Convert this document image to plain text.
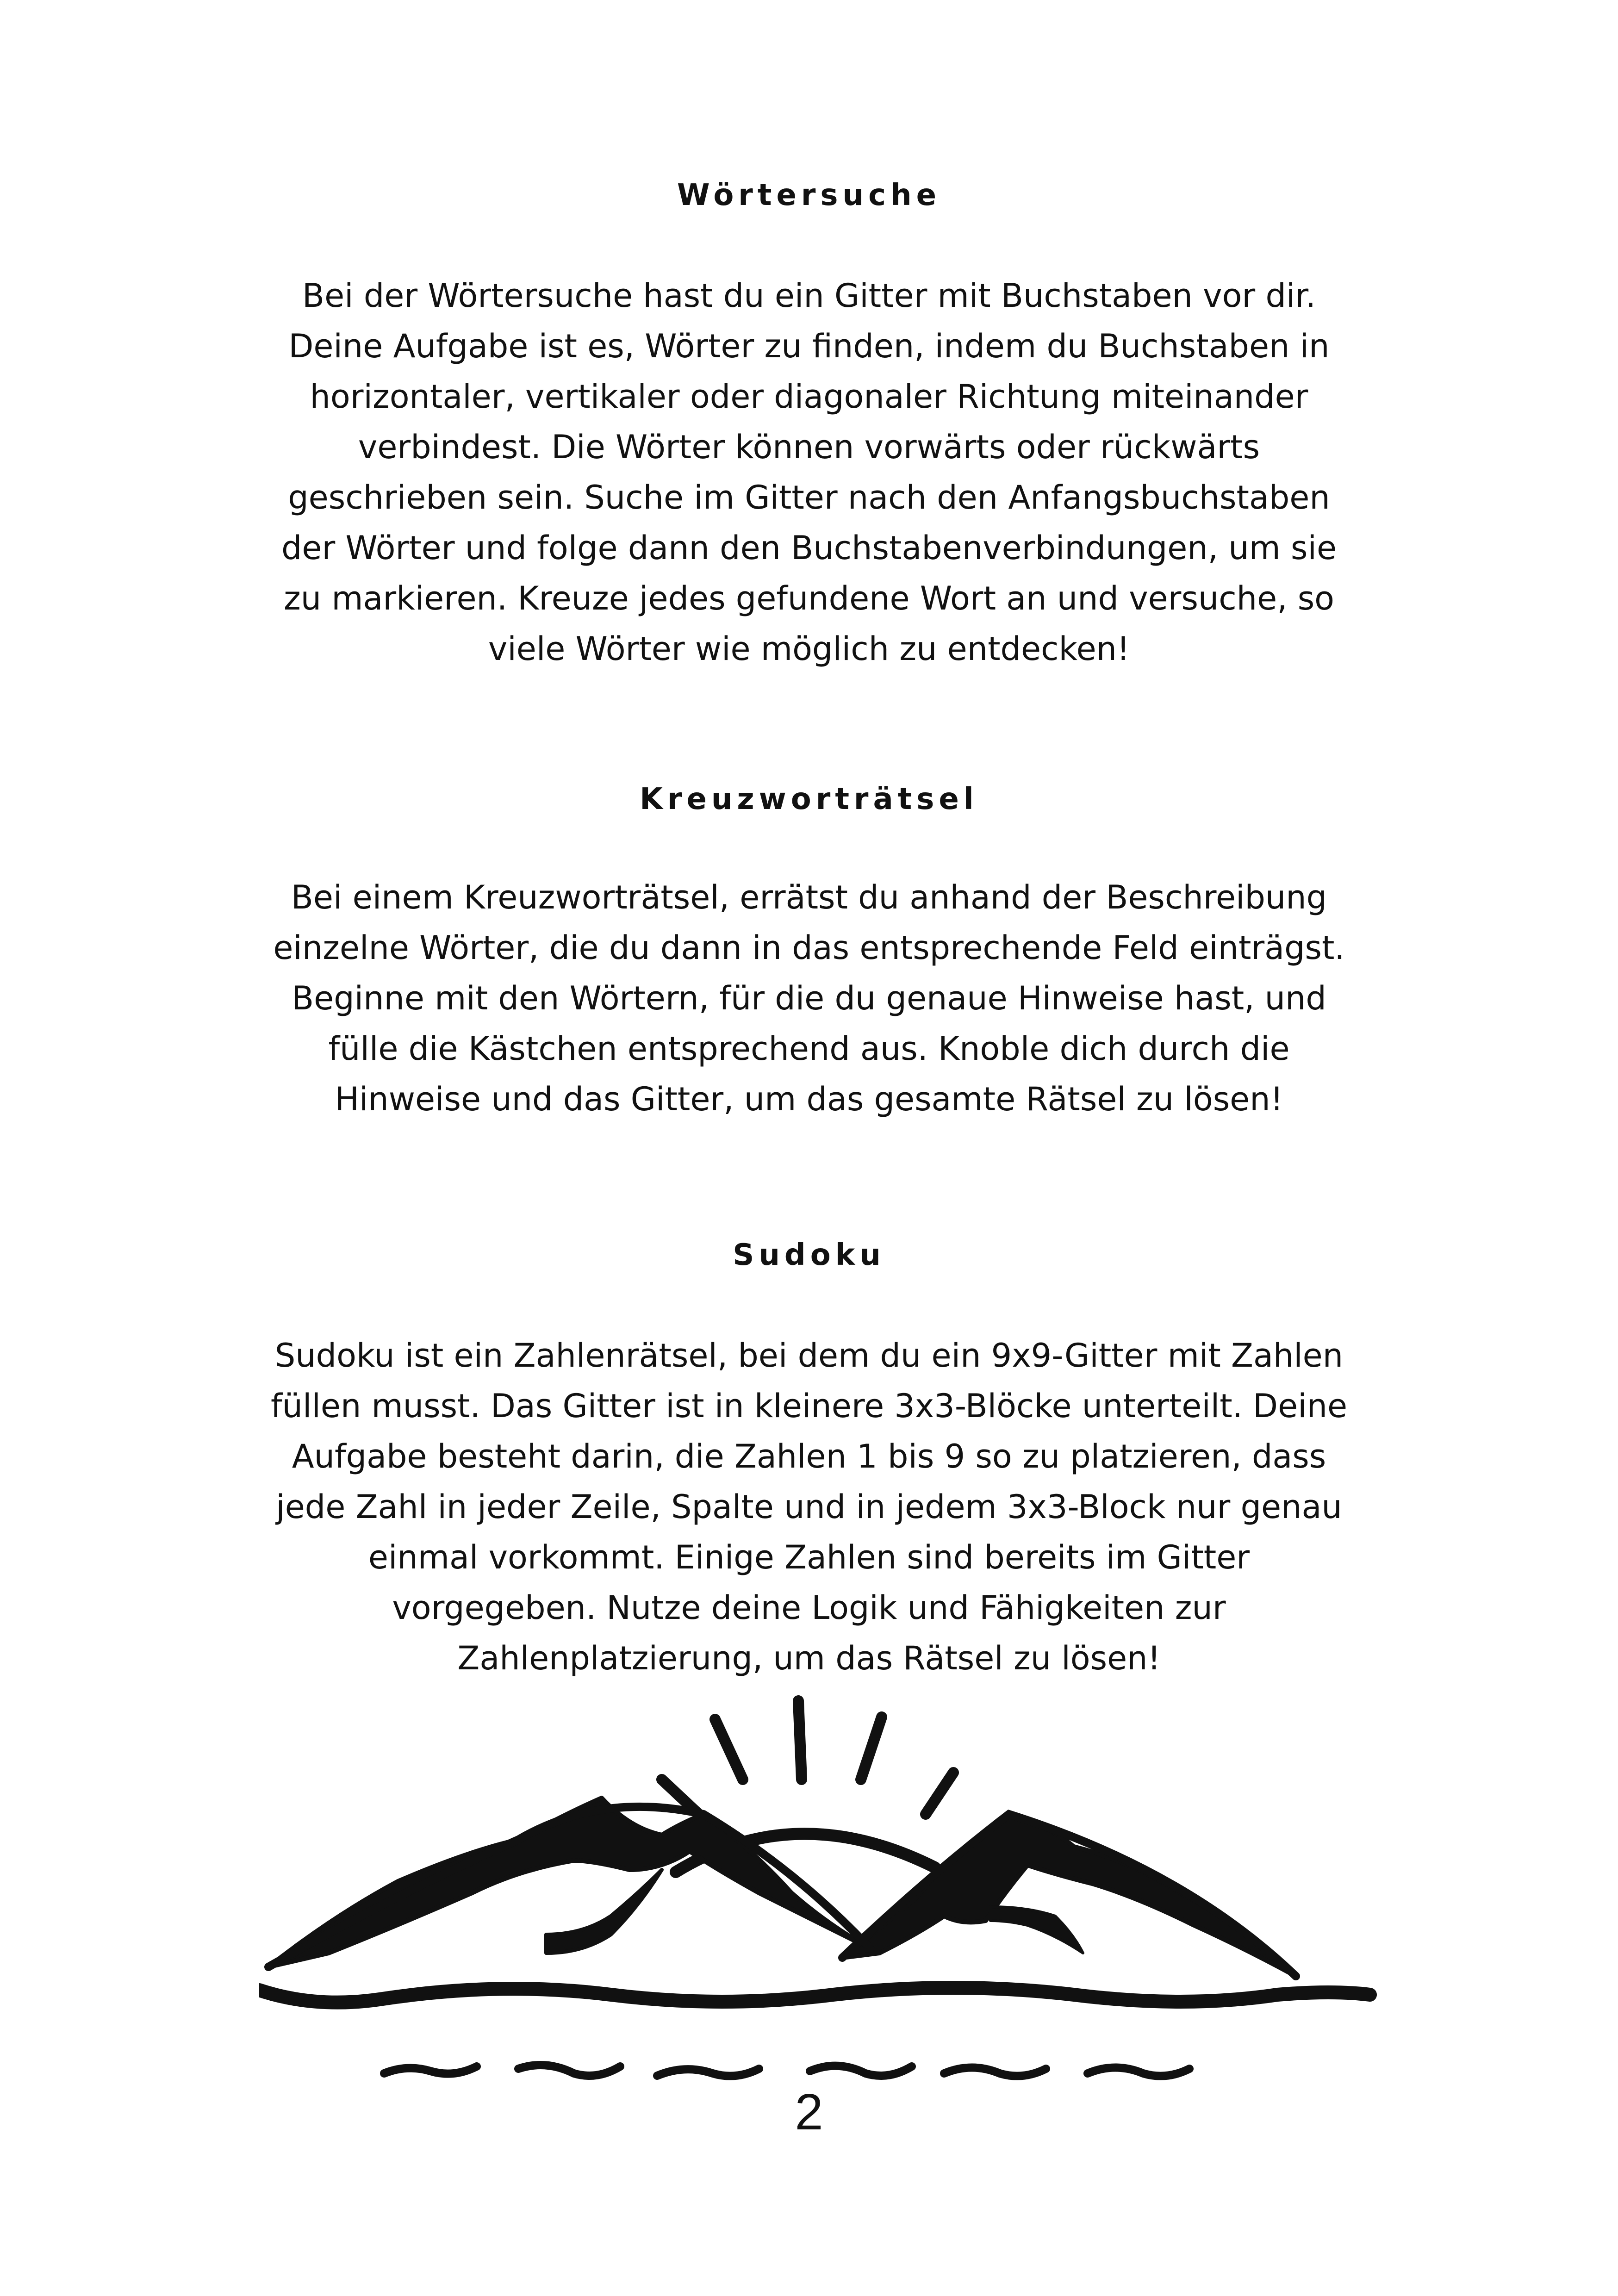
Wörtersuche

Bei der Wörtersuche hast du ein Gitter mit Buchstaben vor dir.
Deine Aufgabe ist es, Wörter zu finden, indem du Buchstaben in
horizontaler, vertikaler oder diagonaler Richtung miteinander
verbindest. Die Wörter können vorwärts oder rückwärts
geschrieben sein. Suche im Gitter nach den Anfangsbuchstaben
der Wörter und folge dann den Buchstabenverbindungen, um sie
zu markieren. Kreuze jedes gefundene Wort an und versuche, so
viele Wörter wie möglich zu entdecken!

Kreuzworträtsel

Bei einem Kreuzworträtsel, errätst du anhand der Beschreibung
einzelne Wörter, die du dann in das entsprechende Feld einträgst.
Beginne mit den Wörtern, für die du genaue Hinweise hast, und
fülle die Kästchen entsprechend aus. Knoble dich durch die
Hinweise und das Gitter, um das gesamte Rätsel zu lösen!

Sudoku

Sudoku ist ein Zahlenrätsel, bei dem du ein 9x9-Gitter mit Zahlen
füllen musst. Das Gitter ist in kleinere 3x3-Blöcke unterteilt. Deine
Aufgabe besteht darin, die Zahlen 1 bis 9 so zu platzieren, dass
jede Zahl in jeder Zeile, Spalte und in jedem 3x3-Block nur genau
einmal vorkommt. Einige Zahlen sind bereits im Gitter
vorgegeben. Nutze deine Logik und Fähigkeiten zur
Zahlenplatzierung, um das Rätsel zu lösen!

2
